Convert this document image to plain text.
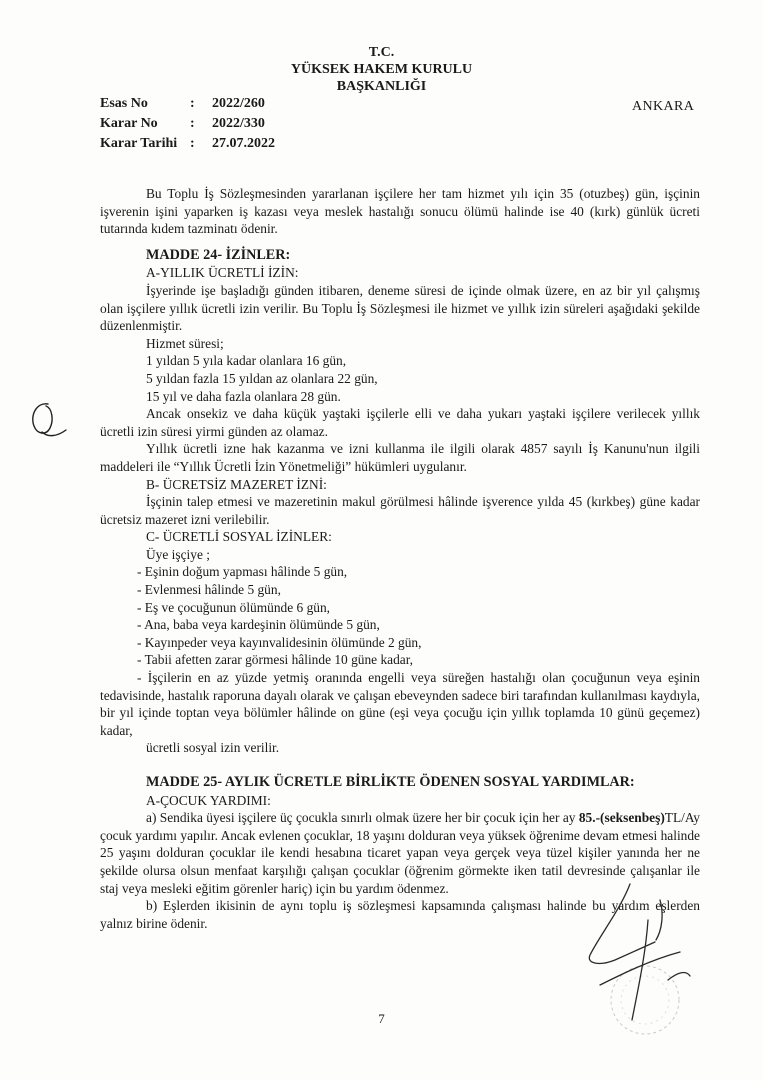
T.C.
YÜKSEK HAKEM KURULU
BAŞKANLIĞI
Esas No	: 2022/260
Karar No : 2022/330
Karar Tarihi : 27.07.2022
ANKARA

Bu Toplu İş Sözleşmesinden yararlanan işçilere her tam hizmet yılı için 35 (otuzbeş) gün, işçinin işverenin işini yaparken iş kazası veya meslek hastalığı sonucu ölümü halinde ise 40 (kırk) günlük ücreti tutarında kıdem tazminatı ödenir.

MADDE 24- İZİNLER:
A-YILLIK ÜCRETLİ İZİN:

İşyerinde işe başladığı günden itibaren, deneme süresi de içinde olmak üzere, en az bir yıl çalışmış olan işçilere yıllık ücretli izin verilir. Bu Toplu İş Sözleşmesi ile hizmet ve yıllık izin süreleri aşağıdaki şekilde düzenlenmiştir.

Hizmet süresi;
1 yıldan 5 yıla kadar olanlara 16 gün,
5 yıldan fazla 15 yıldan az olanlara 22 gün,
15 yıl ve daha fazla olanlara 28 gün.

Ancak onsekiz ve daha küçük yaştaki işçilerle elli ve daha yukarı yaştaki işçilere verilecek yıllık ücretli izin süresi yirmi günden az olamaz.

Yıllık ücretli izne hak kazanma ve izni kullanma ile ilgili olarak 4857 sayılı İş Kanunu'nun ilgili maddeleri ile “Yıllık Ücretli İzin Yönetmeliği” hükümleri uygulanır.

B- ÜCRETSİZ MAZERET İZNİ:

İşçinin talep etmesi ve mazeretinin makul görülmesi hâlinde işverence yılda 45 (kırkbeş) güne kadar ücretsiz mazeret izni verilebilir.

C- ÜCRETLİ SOSYAL İZİNLER:
Üye işçiye ;
- Eşinin doğum yapması hâlinde 5 gün,
- Evlenmesi hâlinde 5 gün,
- Eş ve çocuğunun ölümünde 6 gün,
- Ana, baba veya kardeşinin ölümünde 5 gün,
- Kayınpeder veya kayınvalidesinin ölümünde 2 gün,
- Tabii afetten zarar görmesi hâlinde 10 güne kadar,

- İşçilerin en az yüzde yetmiş oranında engelli veya süreğen hastalığı olan çocuğunun veya eşinin tedavisinde, hastalık raporuna dayalı olarak ve çalışan ebeveynden sadece biri tarafından kullanılması kaydıyla, bir yıl içinde toptan veya bölümler hâlinde on güne (eşi veya çocuğu için yıllık toplamda 10 günü geçemez) kadar,

ücretli sosyal izin verilir.
MADDE 25- AYLIK ÜCRETLE BİRLİKTE ÖDENEN SOSYAL YARDIMLAR:
A-ÇOCUK YARDIMI:

a) Sendika üyesi işçilere üç çocukla sınırlı olmak üzere her bir çocuk için her ay 85.-(seksenbeş)TL/Ay çocuk yardımı yapılır. Ancak evlenen çocuklar, 18 yaşını dolduran veya yüksek öğrenime devam etmesi halinde 25 yaşını dolduran çocuklar ile kendi hesabına ticaret yapan veya gerçek veya tüzel kişiler yanında her ne şekilde olursa olsun menfaat karşılığı çalışan çocuklar (öğrenim görmekte iken tatil devresinde çalışanlar ile staj veya mesleki eğitim görenler hariç) için bu yardım ödenmez.

b) Eşlerden ikisinin de aynı toplu iş sözleşmesi kapsamında çalışması halinde bu yardım eşlerden yalnız birine ödenir.

7
